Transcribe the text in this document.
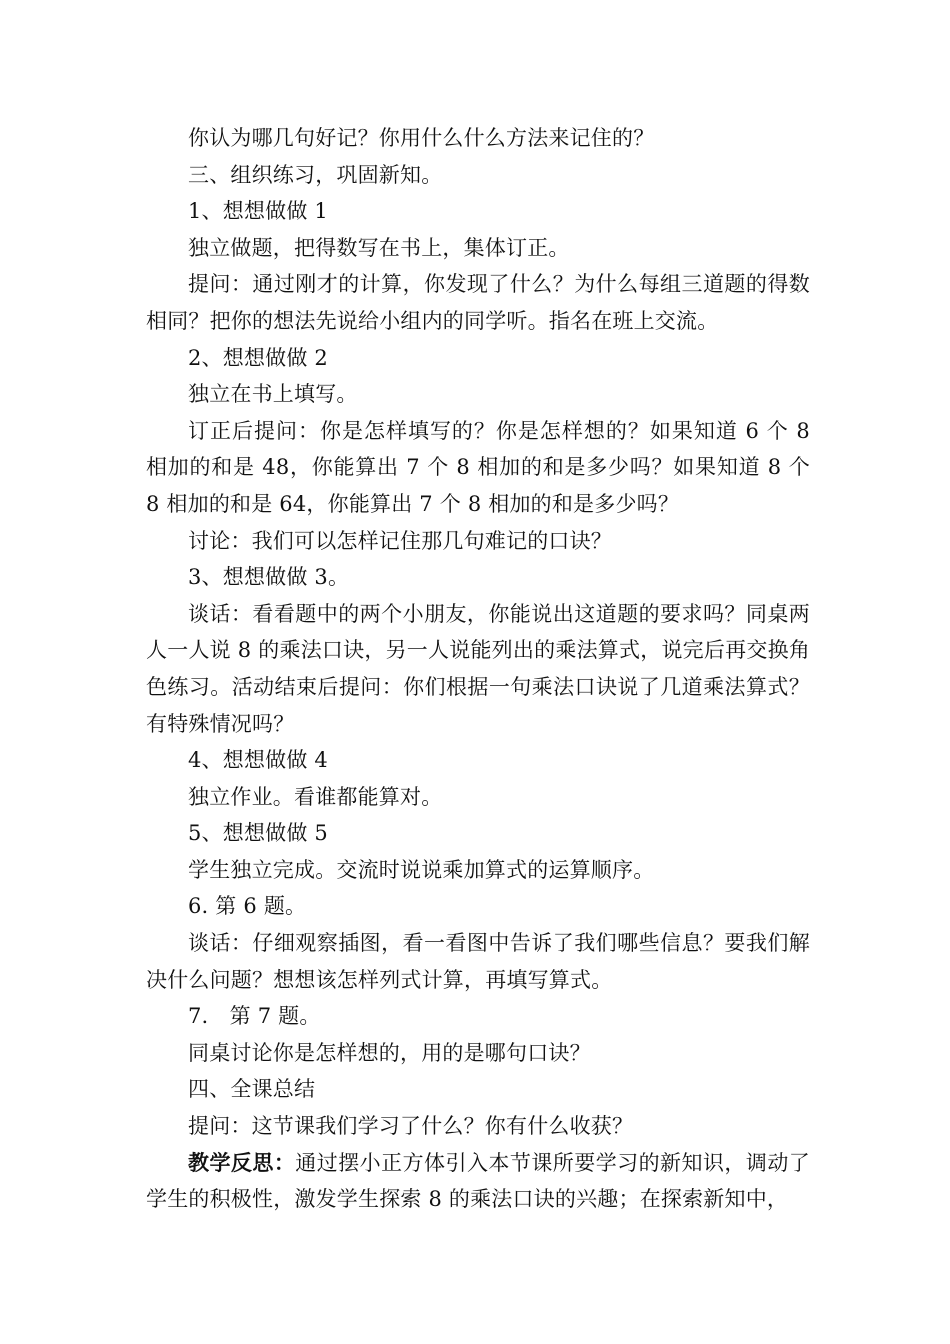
你认为哪几句好记？你用什么什么方法来记住的？

三、组织练习，巩固新知。

1、想想做做 1

独立做题，把得数写在书上，集体订正。

提问：通过刚才的计算，你发现了什么？为什么每组三道题的得数相同？把你的想法先说给小组内的同学听。指名在班上交流。

2、想想做做 2

独立在书上填写。

订正后提问：你是怎样填写的？你是怎样想的？如果知道 6 个 8 相加的和是 48，你能算出 7 个 8 相加的和是多少吗？如果知道 8 个 8 相加的和是 64，你能算出 7 个 8 相加的和是多少吗？

讨论：我们可以怎样记住那几句难记的口诀？

3、想想做做 3。

谈话：看看题中的两个小朋友，你能说出这道题的要求吗？同桌两人一人说 8 的乘法口诀，另一人说能列出的乘法算式，说完后再交换角色练习。活动结束后提问：你们根据一句乘法口诀说了几道乘法算式？有特殊情况吗？

4、想想做做 4

独立作业。看谁都能算对。

5、想想做做 5

学生独立完成。交流时说说乘加算式的运算顺序。

6. 第 6 题。

谈话：仔细观察插图，看一看图中告诉了我们哪些信息？要我们解决什么问题？想想该怎样列式计算，再填写算式。

7.　第 7 题。

同桌讨论你是怎样想的，用的是哪句口诀？

四、全课总结

提问：这节课我们学习了什么？你有什么收获？

教学反思：通过摆小正方体引入本节课所要学习的新知识，调动了学生的积极性，激发学生探索 8 的乘法口诀的兴趣；在探索新知中，
